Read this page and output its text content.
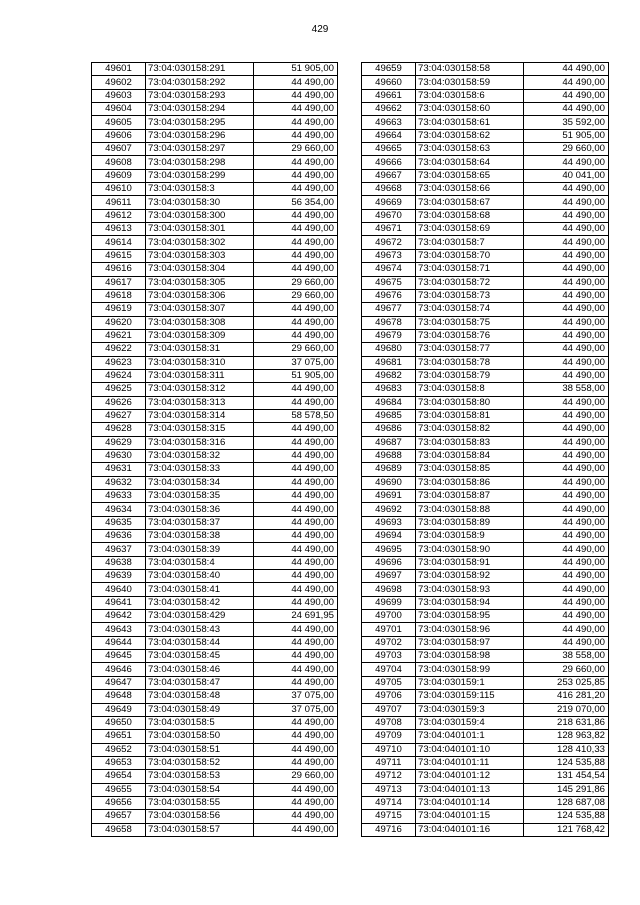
429
49601	73:04:030158:291	51 905,00
49602	73:04:030158:292	44 490,00
49603	73:04:030158:293	44 490,00
49604	73:04:030158:294	44 490,00
49605	73:04:030158:295	44 490,00
49606	73:04:030158:296	44 490,00
49607	73:04:030158:297	29 660,00
49608	73:04:030158:298	44 490,00
49609	73:04:030158:299	44 490,00
49610	73:04:030158:3	44 490,00
49611	73:04:030158:30	56 354,00
49612	73:04:030158:300	44 490,00
49613	73:04:030158:301	44 490,00
49614	73:04:030158:302	44 490,00
49615	73:04:030158:303	44 490,00
49616	73:04:030158:304	44 490,00
49617	73:04:030158:305	29 660,00
49618	73:04:030158:306	29 660,00
49619	73:04:030158:307	44 490,00
49620	73:04:030158:308	44 490,00
49621	73:04:030158:309	44 490,00
49622	73:04:030158:31	29 660,00
49623	73:04:030158:310	37 075,00
49624	73:04:030158:311	51 905,00
49625	73:04:030158:312	44 490,00
49626	73:04:030158:313	44 490,00
49627	73:04:030158:314	58 578,50
49628	73:04:030158:315	44 490,00
49629	73:04:030158:316	44 490,00
49630	73:04:030158:32	44 490,00
49631	73:04:030158:33	44 490,00
49632	73:04:030158:34	44 490,00
49633	73:04:030158:35	44 490,00
49634	73:04:030158:36	44 490,00
49635	73:04:030158:37	44 490,00
49636	73:04:030158:38	44 490,00
49637	73:04:030158:39	44 490,00
49638	73:04:030158:4	44 490,00
49639	73:04:030158:40	44 490,00
49640	73:04:030158:41	44 490,00
49641	73:04:030158:42	44 490,00
49642	73:04:030158:429	24 691,95
49643	73:04:030158:43	44 490,00
49644	73:04:030158:44	44 490,00
49645	73:04:030158:45	44 490,00
49646	73:04:030158:46	44 490,00
49647	73:04:030158:47	44 490,00
49648	73:04:030158:48	37 075,00
49649	73:04:030158:49	37 075,00
49650	73:04:030158:5	44 490,00
49651	73:04:030158:50	44 490,00
49652	73:04:030158:51	44 490,00
49653	73:04:030158:52	44 490,00
49654	73:04:030158:53	29 660,00
49655	73:04:030158:54	44 490,00
49656	73:04:030158:55	44 490,00
49657	73:04:030158:56	44 490,00
49658	73:04:030158:57	44 490,00
49659	73:04:030158:58	44 490,00
49660	73:04:030158:59	44 490,00
49661	73:04:030158:6	44 490,00
49662	73:04:030158:60	44 490,00
49663	73:04:030158:61	35 592,00
49664	73:04:030158:62	51 905,00
49665	73:04:030158:63	29 660,00
49666	73:04:030158:64	44 490,00
49667	73:04:030158:65	40 041,00
49668	73:04:030158:66	44 490,00
49669	73:04:030158:67	44 490,00
49670	73:04:030158:68	44 490,00
49671	73:04:030158:69	44 490,00
49672	73:04:030158:7	44 490,00
49673	73:04:030158:70	44 490,00
49674	73:04:030158:71	44 490,00
49675	73:04:030158:72	44 490,00
49676	73:04:030158:73	44 490,00
49677	73:04:030158:74	44 490,00
49678	73:04:030158:75	44 490,00
49679	73:04:030158:76	44 490,00
49680	73:04:030158:77	44 490,00
49681	73:04:030158:78	44 490,00
49682	73:04:030158:79	44 490,00
49683	73:04:030158:8	38 558,00
49684	73:04:030158:80	44 490,00
49685	73:04:030158:81	44 490,00
49686	73:04:030158:82	44 490,00
49687	73:04:030158:83	44 490,00
49688	73:04:030158:84	44 490,00
49689	73:04:030158:85	44 490,00
49690	73:04:030158:86	44 490,00
49691	73:04:030158:87	44 490,00
49692	73:04:030158:88	44 490,00
49693	73:04:030158:89	44 490,00
49694	73:04:030158:9	44 490,00
49695	73:04:030158:90	44 490,00
49696	73:04:030158:91	44 490,00
49697	73:04:030158:92	44 490,00
49698	73:04:030158:93	44 490,00
49699	73:04:030158:94	44 490,00
49700	73:04:030158:95	44 490,00
49701	73:04:030158:96	44 490,00
49702	73:04:030158:97	44 490,00
49703	73:04:030158:98	38 558,00
49704	73:04:030158:99	29 660,00
49705	73:04:030159:1	253 025,85
49706	73:04:030159:115	416 281,20
49707	73:04:030159:3	219 070,00
49708	73:04:030159:4	218 631,86
49709	73:04:040101:1	128 963,82
49710	73:04:040101:10	128 410,33
49711	73:04:040101:11	124 535,88
49712	73:04:040101:12	131 454,54
49713	73:04:040101:13	145 291,86
49714	73:04:040101:14	128 687,08
49715	73:04:040101:15	124 535,88
49716	73:04:040101:16	121 768,42
